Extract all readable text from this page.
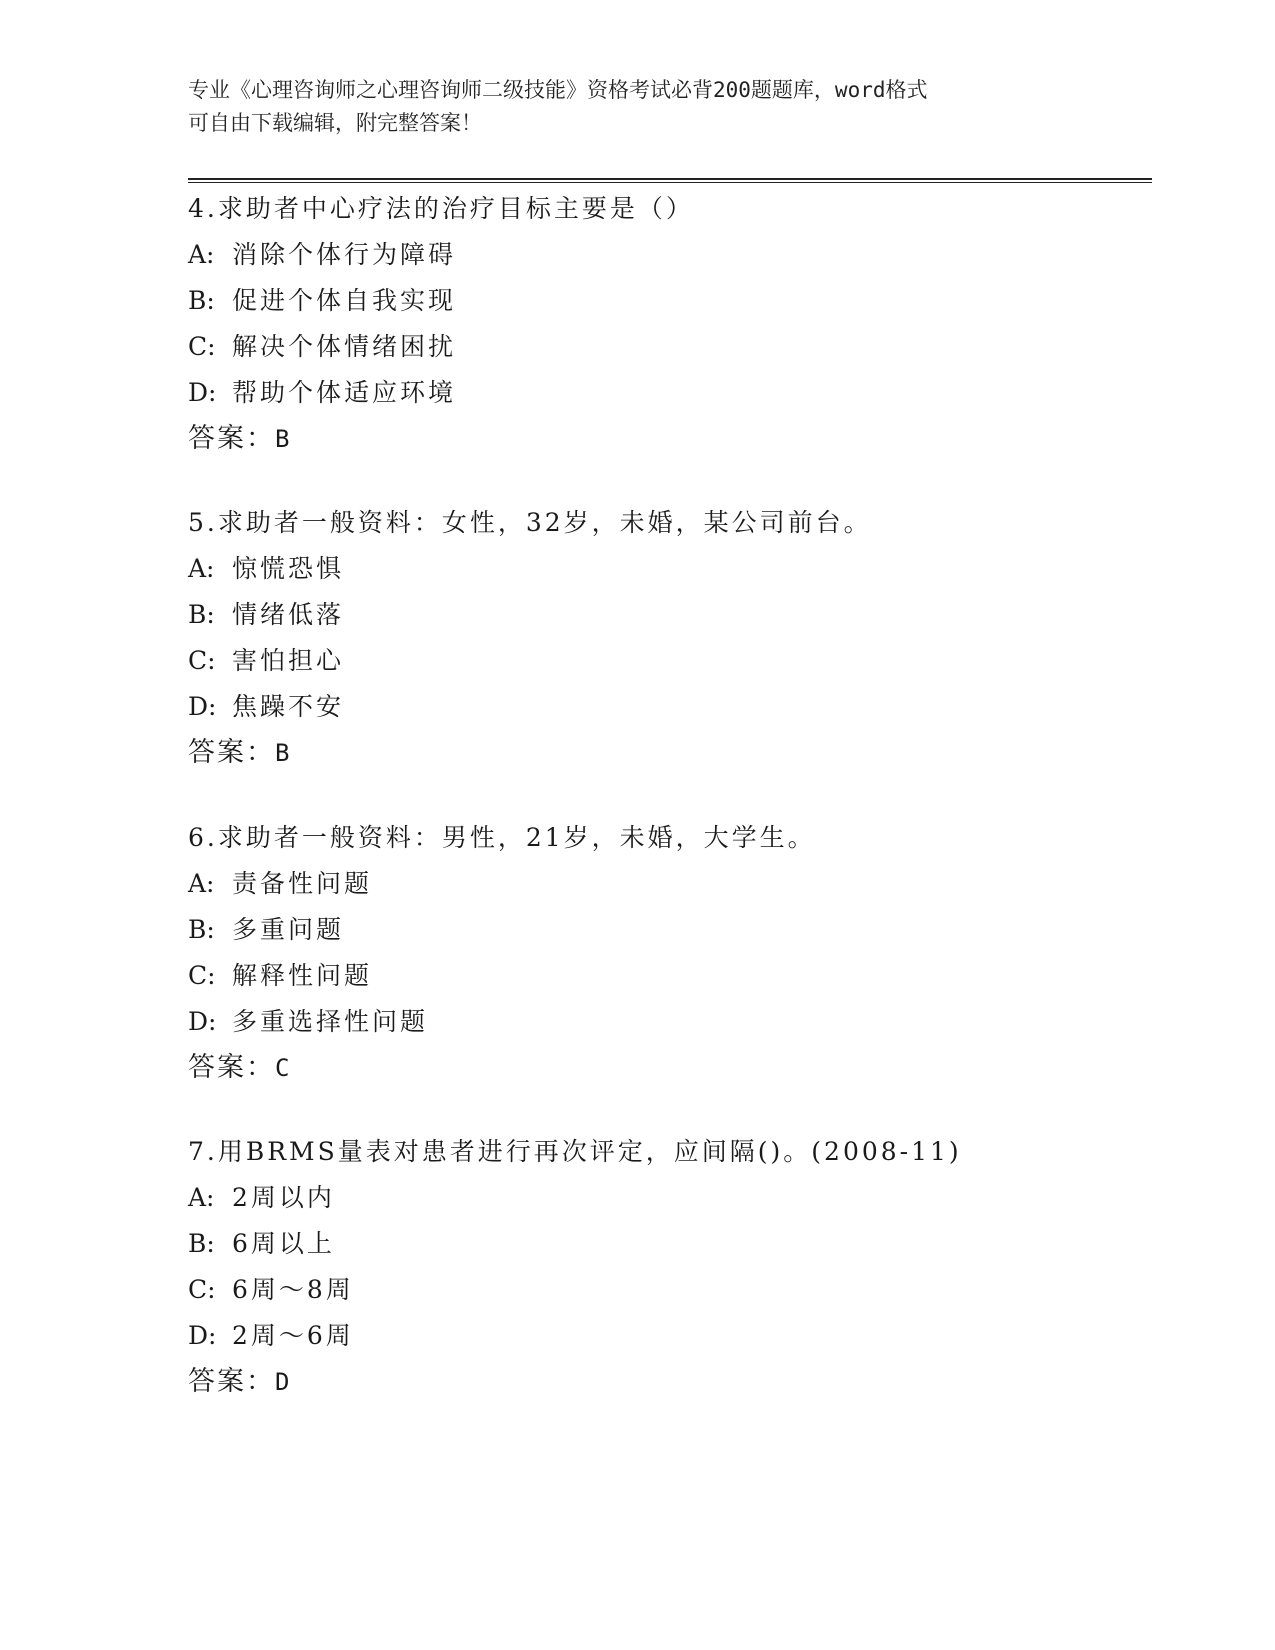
专业《心理咨询师之心理咨询师二级技能》资格考试必背200题题库，word格式
可自由下载编辑，附完整答案！
4.求助者中心疗法的治疗目标主要是（）
A: 消除个体行为障碍
B: 促进个体自我实现
C: 解决个体情绪困扰
D: 帮助个体适应环境
答案：B
5.求助者一般资料：女性，32岁，未婚，某公司前台。
A: 惊慌恐惧
B: 情绪低落
C: 害怕担心
D: 焦躁不安
答案：B
6.求助者一般资料：男性，21岁，未婚，大学生。
A: 责备性问题
B: 多重问题
C: 解释性问题
D: 多重选择性问题
答案：C
7.用BRMS量表对患者进行再次评定，应间隔()。(2008-11)
A: 2周以内
B: 6周以上
C: 6周～8周
D: 2周～6周
答案：D
